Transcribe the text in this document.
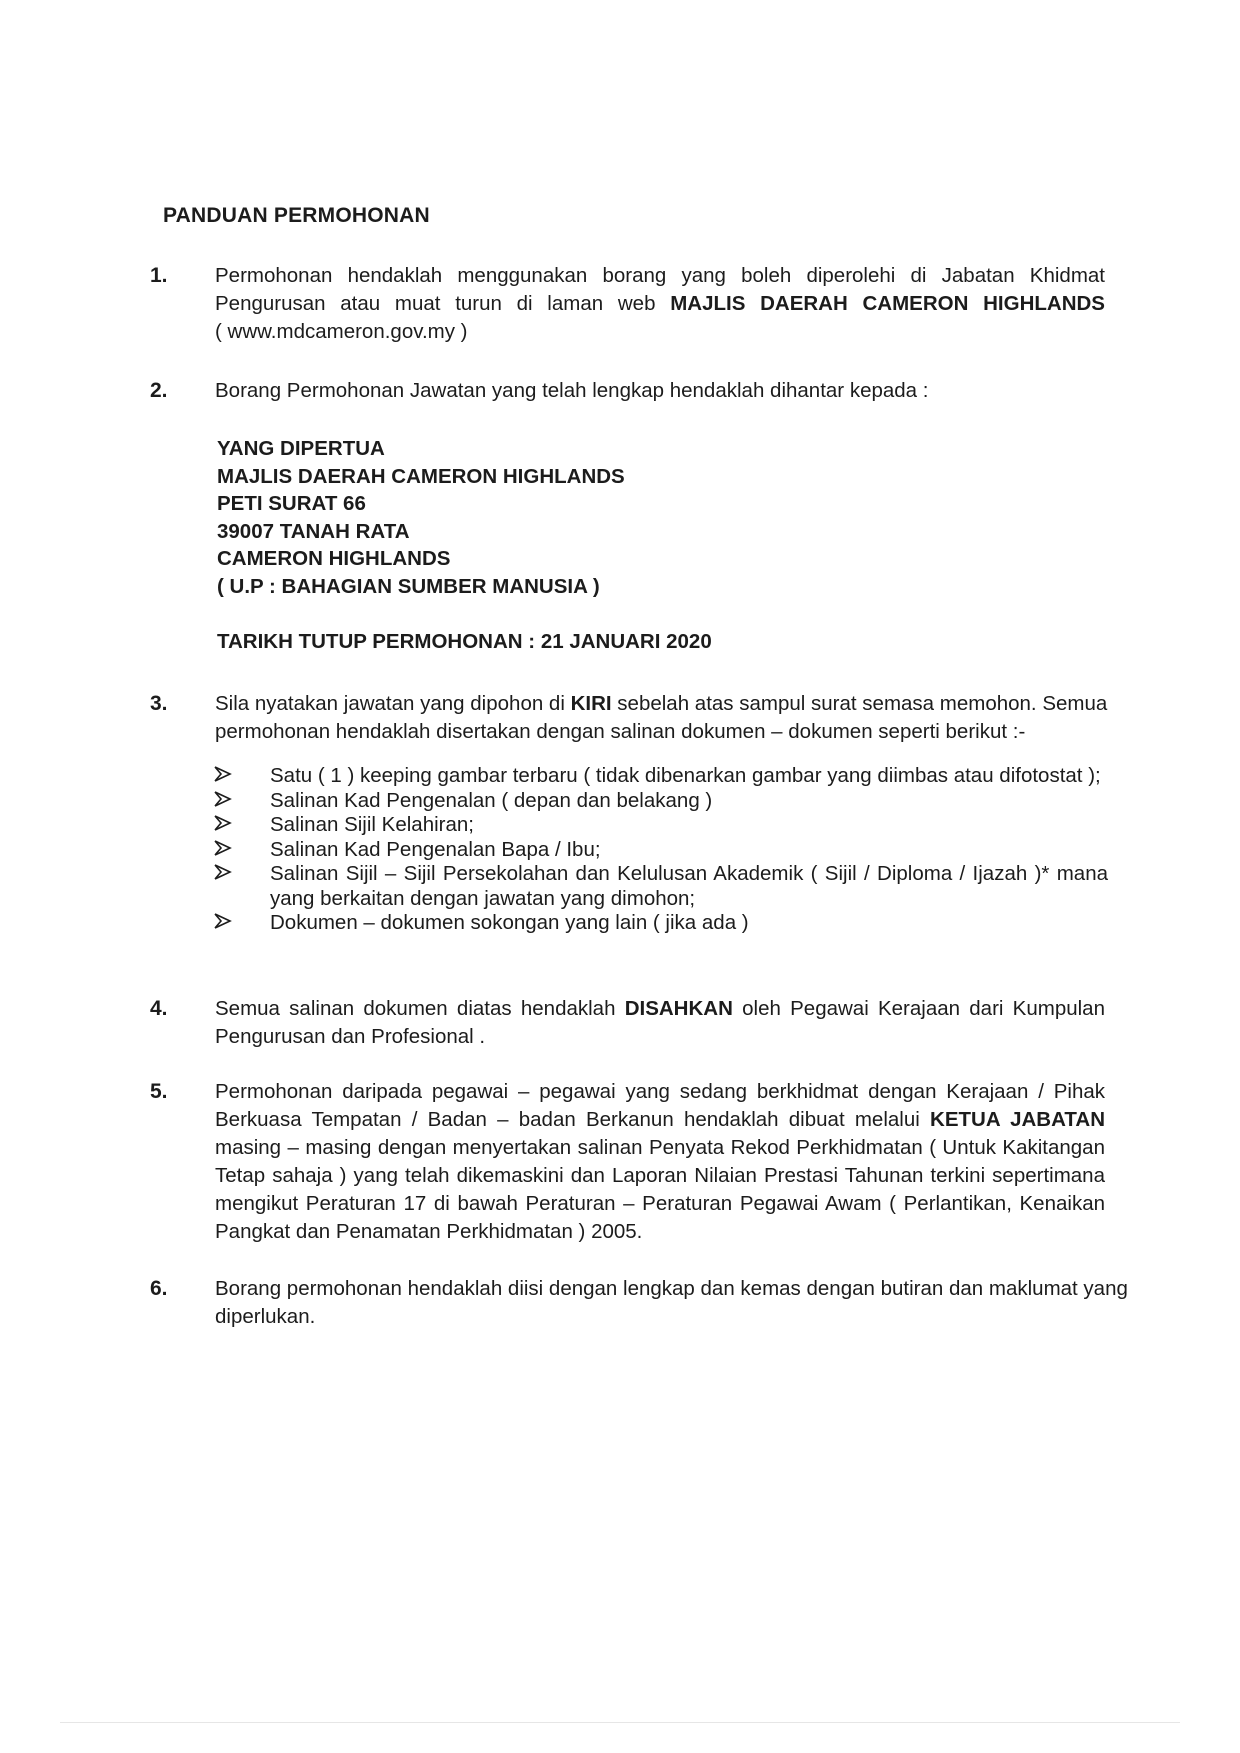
PANDUAN PERMOHONAN
1. Permohonan hendaklah menggunakan borang yang boleh diperolehi di Jabatan Khidmat
Pengurusan atau muat turun di laman web MAJLIS DAERAH CAMERON HIGHLANDS
( www.mdcameron.gov.my )
2. Borang Permohonan Jawatan yang telah lengkap hendaklah dihantar kepada :
YANG DIPERTUA
MAJLIS DAERAH CAMERON HIGHLANDS
PETI SURAT 66
39007 TANAH RATA
CAMERON HIGHLANDS
( U.P : BAHAGIAN SUMBER MANUSIA )
TARIKH TUTUP PERMOHONAN : 21 JANUARI 2020
3. Sila nyatakan jawatan yang dipohon di KIRI sebelah atas sampul surat semasa memohon. Semua
permohonan hendaklah disertakan dengan salinan dokumen – dokumen seperti berikut :-
Satu ( 1 ) keeping gambar terbaru ( tidak dibenarkan gambar yang diimbas atau difotostat );
Salinan Kad Pengenalan ( depan dan belakang )
Salinan Sijil Kelahiran;
Salinan Kad Pengenalan Bapa / Ibu;
Salinan Sijil – Sijil Persekolahan dan Kelulusan Akademik ( Sijil / Diploma / Ijazah )* mana
yang berkaitan dengan jawatan yang dimohon;
Dokumen – dokumen sokongan yang lain ( jika ada )
4. Semua salinan dokumen diatas hendaklah DISAHKAN oleh Pegawai Kerajaan dari Kumpulan
Pengurusan dan Profesional .
5. Permohonan daripada pegawai – pegawai yang sedang berkhidmat dengan Kerajaan / Pihak
Berkuasa Tempatan / Badan – badan Berkanun hendaklah dibuat melalui KETUA JABATAN
masing – masing dengan menyertakan salinan Penyata Rekod Perkhidmatan ( Untuk Kakitangan
Tetap sahaja ) yang telah dikemaskini dan Laporan Nilaian Prestasi Tahunan terkini sepertimana
mengikut Peraturan 17 di bawah Peraturan – Peraturan Pegawai Awam ( Perlantikan, Kenaikan
Pangkat dan Penamatan Perkhidmatan ) 2005.
6. Borang permohonan hendaklah diisi dengan lengkap dan kemas dengan butiran dan maklumat yang
diperlukan.
